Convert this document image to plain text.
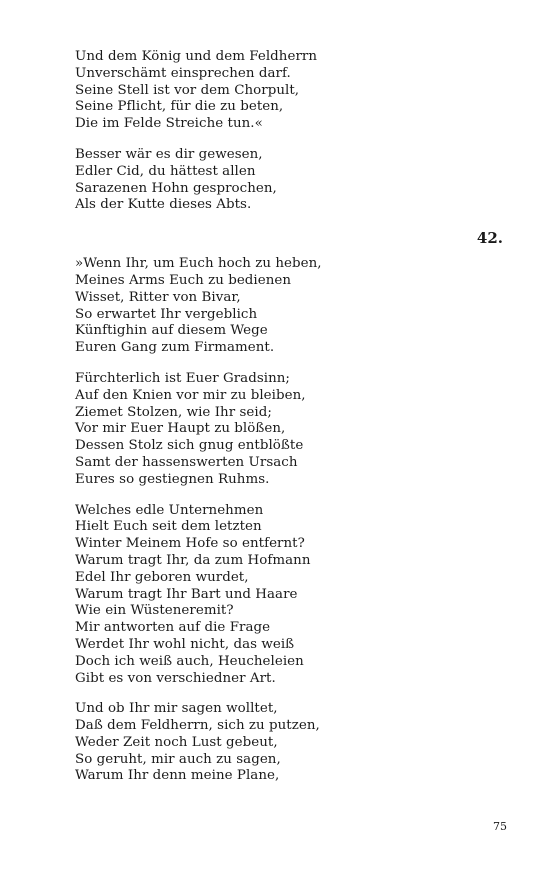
Und dem König und dem Feldherrn
Unverschämt einsprechen darf.
Seine Stell ist vor dem Chorpult,
Seine Pflicht, für die zu beten,
Die im Felde Streiche tun.«
Besser wär es dir gewesen,
Edler Cid, du hättest allen
Sarazenen Hohn gesprochen,
Als der Kutte dieses Abts.
42.
»Wenn Ihr, um Euch hoch zu heben,
Meines Arms Euch zu bedienen
Wisset, Ritter von Bivar,
So erwartet Ihr vergeblich
Künftighin auf diesem Wege
Euren Gang zum Firmament.
Fürchterlich ist Euer Gradsinn;
Auf den Knien vor mir zu bleiben,
Ziemet Stolzen, wie Ihr seid;
Vor mir Euer Haupt zu blößen,
Dessen Stolz sich gnug entblößte
Samt der hassenswerten Ursach
Eures so gestiegnen Ruhms.
Welches edle Unternehmen
Hielt Euch seit dem letzten
Winter Meinem Hofe so entfernt?
Warum tragt Ihr, da zum Hofmann
Edel Ihr geboren wurdet,
Warum tragt Ihr Bart und Haare
Wie ein Wüsteneremit?
Mir antworten auf die Frage
Werdet Ihr wohl nicht, das weiß
Doch ich weiß auch, Heucheleien
Gibt es von verschiedner Art.
Und ob Ihr mir sagen wolltet,
Daß dem Feldherrn, sich zu putzen,
Weder Zeit noch Lust gebeut,
So geruht, mir auch zu sagen,
Warum Ihr denn meine Plane,
75
